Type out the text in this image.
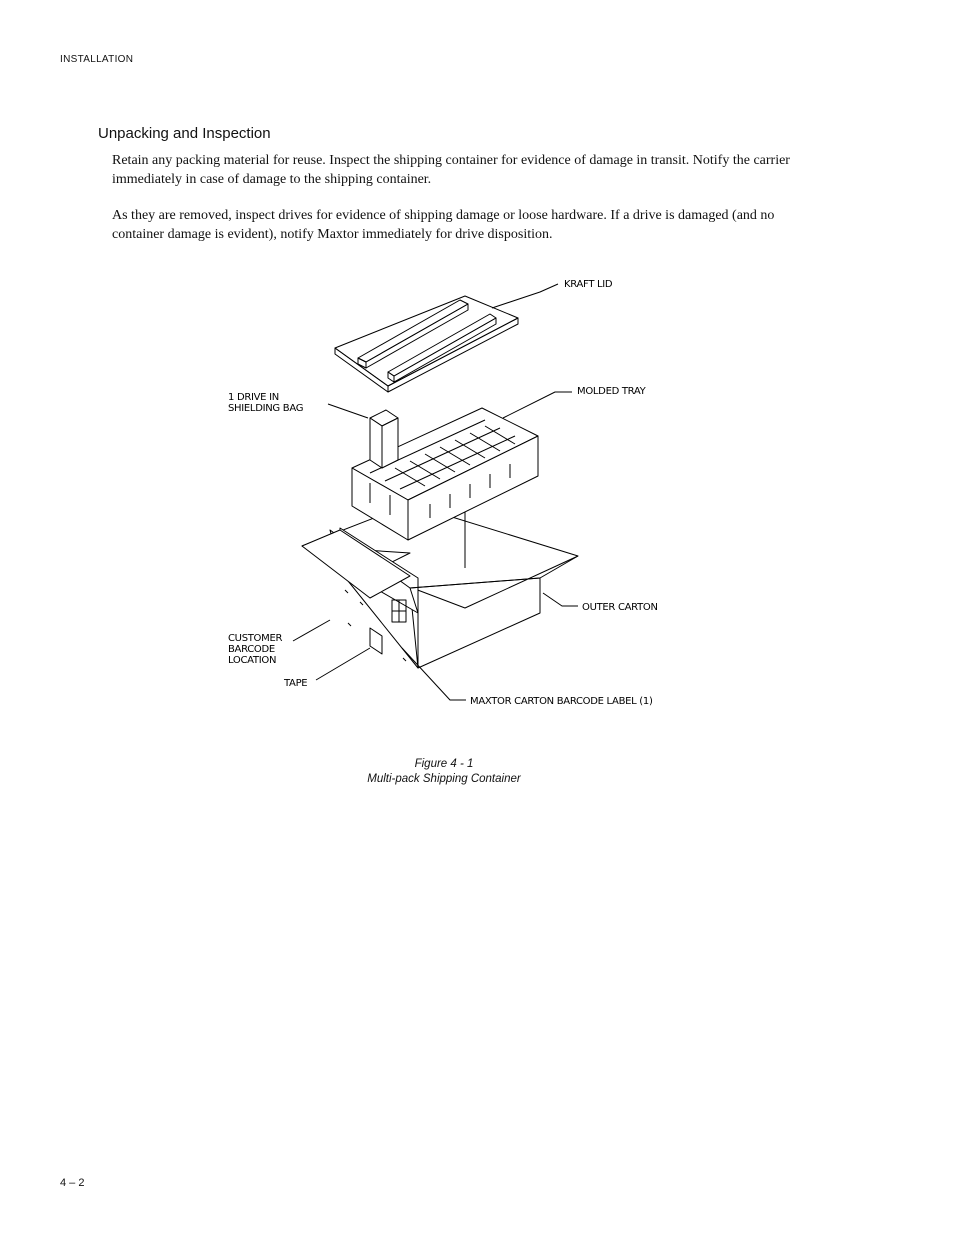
INSTALLATION
Unpacking and Inspection

Retain any packing material for reuse. Inspect the shipping container for evidence of damage in transit. Notify the carrier immediately in case of damage to the shipping container.

As they are removed, inspect drives for evidence of shipping damage or loose hardware. If a drive is damaged (and no container damage is evident), notify Maxtor immediately for drive disposition.

KRAFT LID
MOLDED TRAY
1 DRIVE IN
SHIELDING BAG
OUTER CARTON
CUSTOMER
BARCODE
LOCATION
TAPE
MAXTOR CARTON BARCODE LABEL (1)
Figure 4 - 1
Multi-pack Shipping Container
4 – 2
